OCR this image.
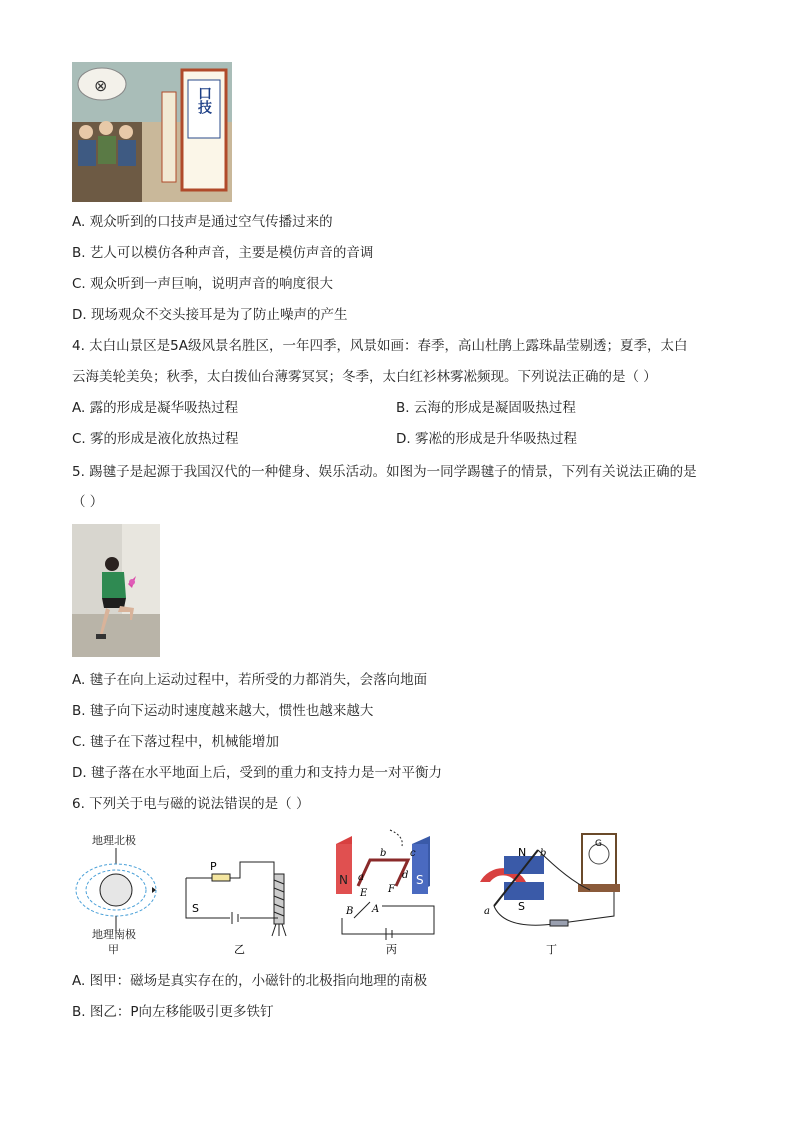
⊗
口技
A. 观众听到的口技声是通过空气传播过来的
B. 艺人可以模仿各种声音，主要是模仿声音的音调
C. 观众听到一声巨响，说明声音的响度很大
D. 现场观众不交头接耳是为了防止噪声的产生
4. 太白山景区是5A级风景名胜区，一年四季，风景如画：春季，高山杜鹃上露珠晶莹剔透；夏季，太白
云海美轮美奂；秋季，太白拨仙台薄雾冥冥；冬季，太白红衫林雾凇频现。下列说法正确的是（ ）
A. 露的形成是凝华吸热过程	B. 云海的形成是凝固吸热过程
C. 雾的形成是液化放热过程	D. 雾凇的形成是升华吸热过程
5. 踢毽子是起源于我国汉代的一种健身、娱乐活动。如图为一同学踢毽子的情景，下列有关说法正确的是
（ ）
A. 毽子在向上运动过程中，若所受的力都消失，会落向地面
B. 毽子向下运动时速度越来越大，惯性也越来越大
C. 毽子在下落过程中，机械能增加
D. 毽子落在水平地面上后，受到的重力和支持力是一对平衡力
6. 下列关于电与磁的说法错误的是（ ）
地理北极
地理南极
甲
P
S
乙
N	S
b c
a	d
E F
B A
丙
N
S
a
b
G
丁
A. 图甲：磁场是真实存在的，小磁针的北极指向地理的南极
B. 图乙：P向左移能吸引更多铁钉
